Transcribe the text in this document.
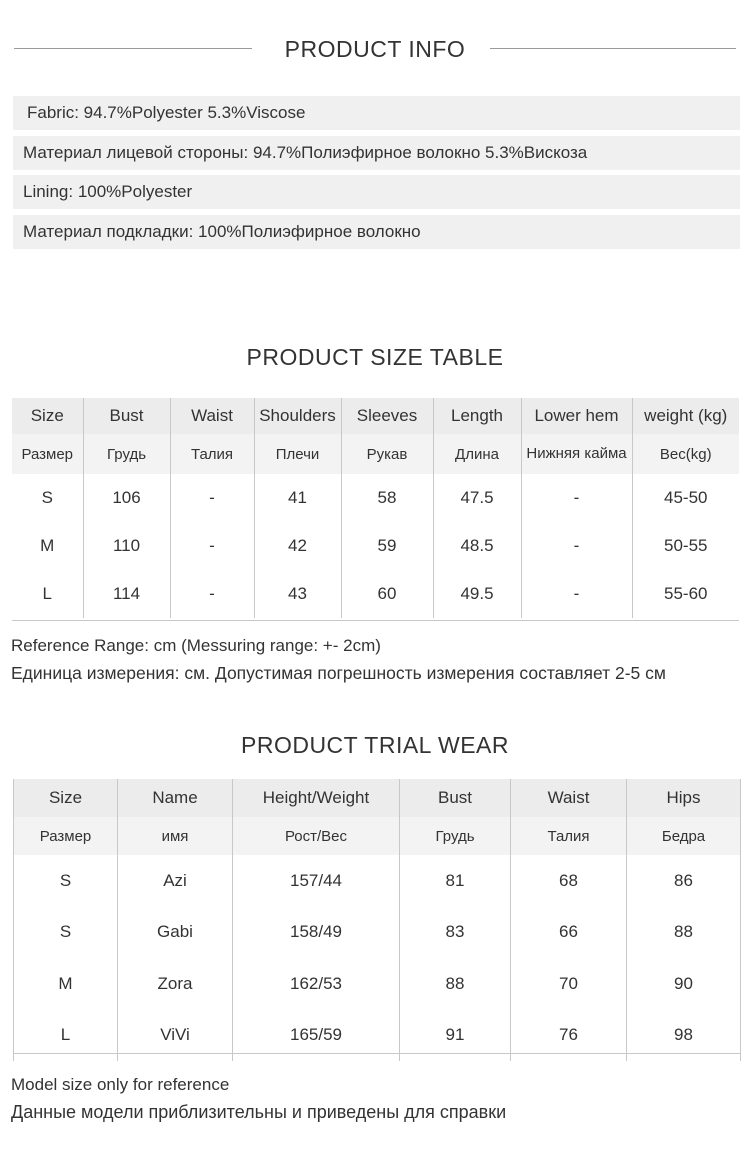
PRODUCT INFO
Fabric: 94.7%Polyester 5.3%Viscose
Материал лицевой стороны: 94.7%Полиэфирное волокно 5.3%Вискоза
Lining: 100%Polyester
Материал подкладки: 100%Полиэфирное волокно
PRODUCT SIZE TABLE
Size	Bust	Waist	Shoulders	Sleeves	Length	Lower hem	weight (kg)
Размер	Грудь	Талия	Плечи	Рукав	Длина	Нижняя кайма	Вес(kg)
S	106	-	41	58	47.5	-	45-50
M	110	-	42	59	48.5	-	50-55
L	114	-	43	60	49.5	-	55-60
Reference Range: cm (Messuring range: +- 2cm)
Единица измерения: см. Допустимая погрешность измерения составляет 2-5 см
PRODUCT TRIAL WEAR
Size	Name	Height/Weight	Bust	Waist	Hips
Размер	имя	Рост/Вес	Грудь	Талия	Бедра
S	Azi	157/44	81	68	86
S	Gabi	158/49	83	66	88
M	Zora	162/53	88	70	90
L	ViVi	165/59	91	76	98
Model size only for reference
Данные модели приблизительны и приведены для справки
